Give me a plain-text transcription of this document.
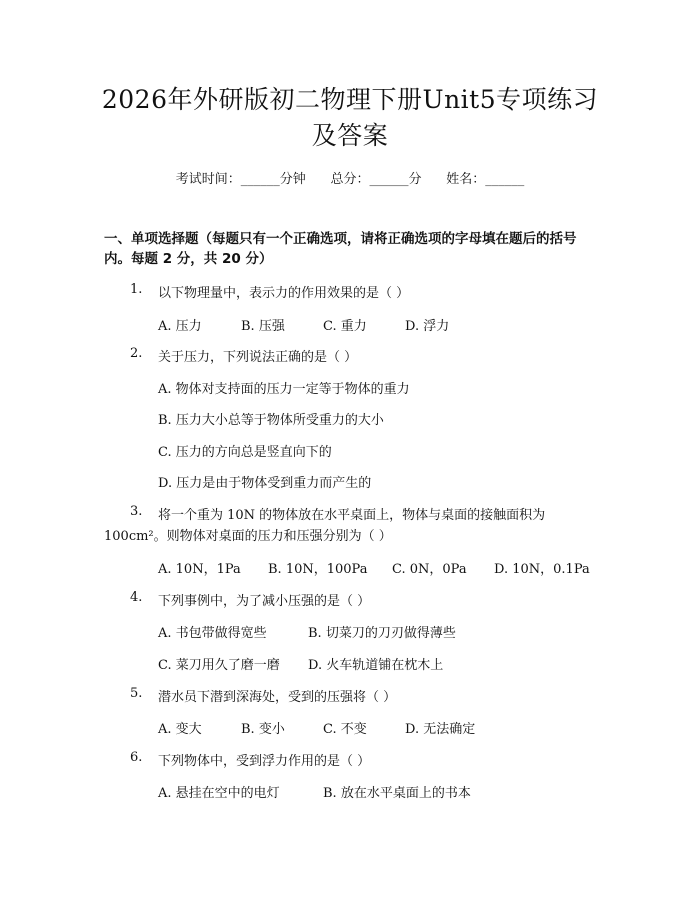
2026年外研版初二物理下册Unit5专项练习
及答案
考试时间：______分钟      总分：______分      姓名：______
一、单项选择题（每题只有一个正确选项，请将正确选项的字母填在题后的括号
内。每题 2 分，共 20 分）
1. 以下物理量中，表示力的作用效果的是（ ）
A. 压力	B. 压强	C. 重力	D. 浮力
2. 关于压力，下列说法正确的是（ ）
A. 物体对支持面的压力一定等于物体的重力
B. 压力大小总等于物体所受重力的大小
C. 压力的方向总是竖直向下的
D. 压力是由于物体受到重力而产生的
3. 将一个重为 10N 的物体放在水平桌面上，物体与桌面的接触面积为
100cm²。则物体对桌面的压力和压强分别为（ ）
A. 10N，1Pa B. 10N，100Pa C. 0N，0Pa D. 10N，0.1Pa
4. 下列事例中，为了减小压强的是（ ）
A. 书包带做得宽些	B. 切菜刀的刀刃做得薄些
C. 菜刀用久了磨一磨 D. 火车轨道铺在枕木上
5. 潜水员下潜到深海处，受到的压强将（ ）
A. 变大	B. 变小	C. 不变	D. 无法确定
6. 下列物体中，受到浮力作用的是（ ）
A. 悬挂在空中的电灯	B. 放在水平桌面上的书本
